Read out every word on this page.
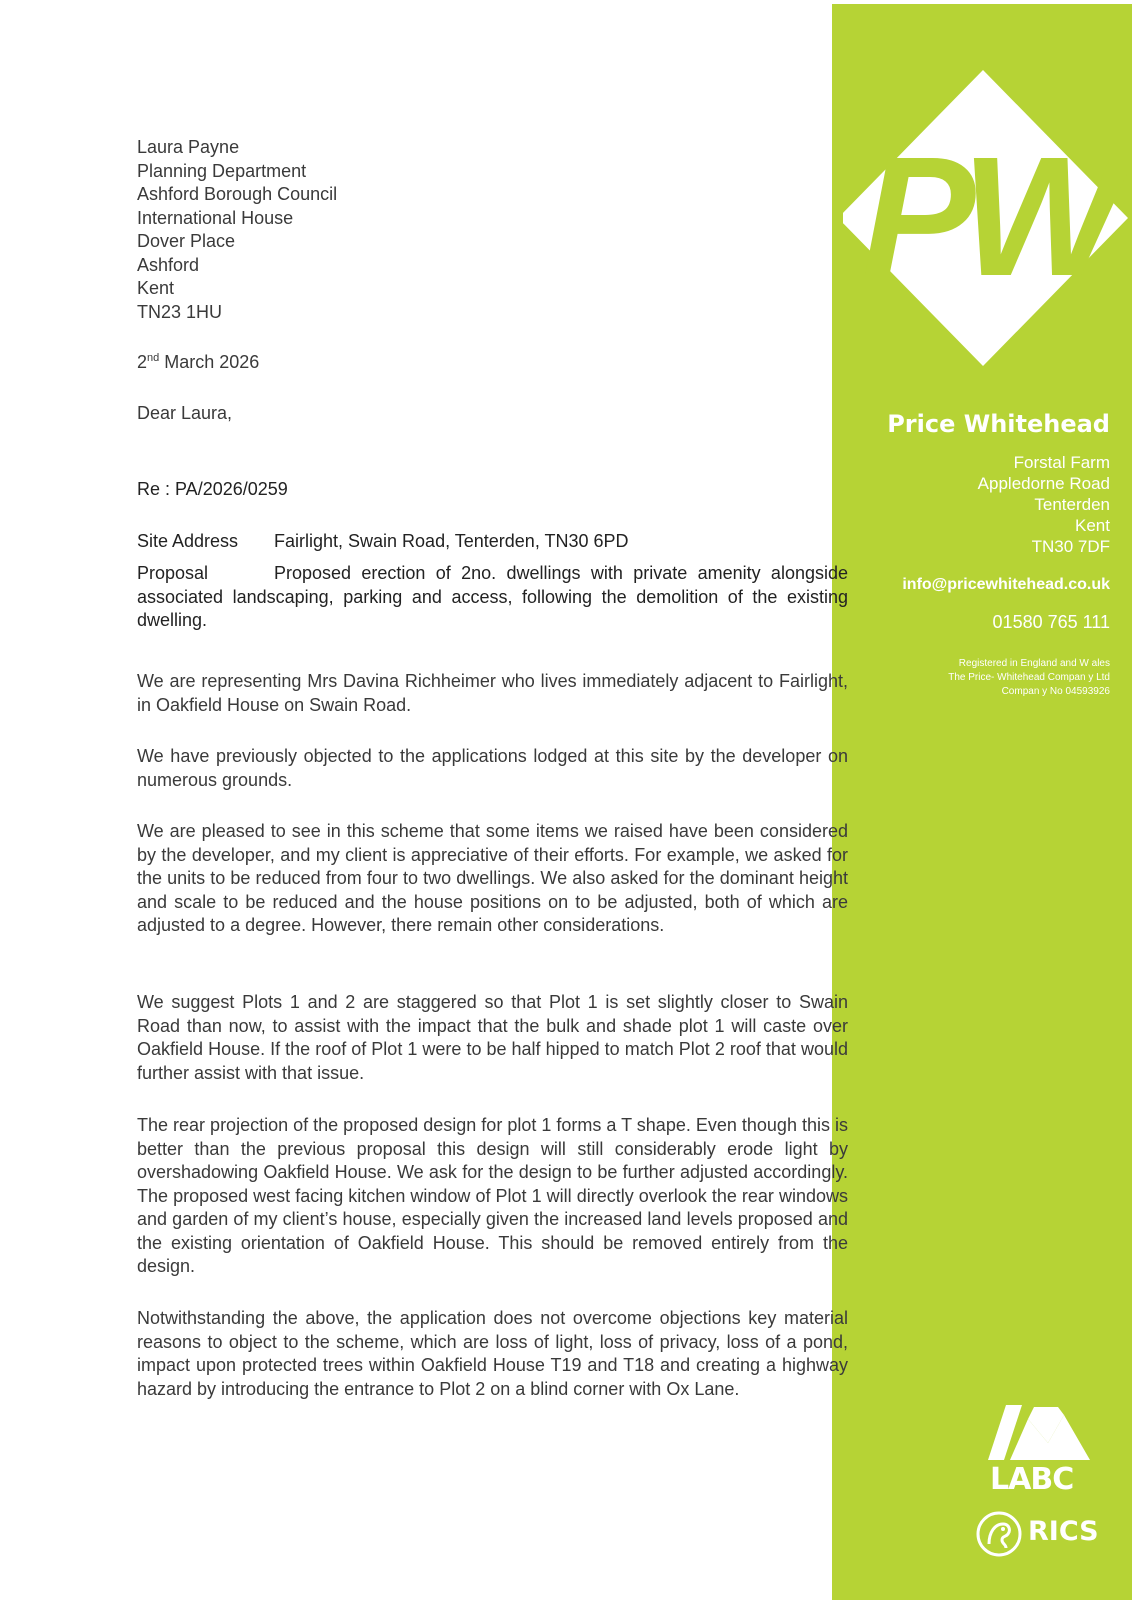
PW
Price Whitehead
Forstal Farm
Appledorne Road
Tenterden
Kent
TN30 7DF
info@pricewhitehead.co.uk
01580 765 111
Registered in England and W ales
The Price- Whitehead Compan y Ltd
Compan y No 04593926
LABC
RICS
Laura Payne
Planning Department
Ashford Borough Council
International House
Dover Place
Ashford
Kent
TN23 1HU
2nd March 2026
Dear Laura,
Re : PA/2026/0259
Site Address Fairlight, Swain Road, Tenterden, TN30 6PD
Proposal	Proposed erection of 2no. dwellings with private amenity alongside associated landscaping, parking and access, following the demolition of the existing dwelling.
We are representing Mrs Davina Richheimer who lives immediately adjacent to Fairlight, in Oakfield House on Swain Road.
We have previously objected to the applications lodged at this site by the developer on numerous grounds.
We are pleased to see in this scheme that some items we raised have been considered by the developer, and my client is appreciative of their efforts. For example, we asked for the units to be reduced from four to two dwellings. We also asked for the dominant height and scale to be reduced and the house positions on to be adjusted, both of which are adjusted to a degree. However, there remain other considerations.
We suggest Plots 1 and 2 are staggered so that Plot 1 is set slightly closer to Swain Road than now, to assist with the impact that the bulk and shade plot 1 will caste over Oakfield House. If the roof of Plot 1 were to be half hipped to match Plot 2 roof that would further assist with that issue.
The rear projection of the proposed design for plot 1 forms a T shape. Even though this is better than the previous proposal this design will still considerably erode light by overshadowing Oakfield House. We ask for the design to be further adjusted accordingly. The proposed west facing kitchen window of Plot 1 will directly overlook the rear windows and garden of my client’s house, especially given the increased land levels proposed and the existing orientation of Oakfield House. This should be removed entirely from the design.
Notwithstanding the above, the application does not overcome objections key material reasons to object to the scheme, which are loss of light, loss of privacy, loss of a pond, impact upon protected trees within Oakfield House T19 and T18 and creating a highway hazard by introducing the entrance to Plot 2 on a blind corner with Ox Lane.
